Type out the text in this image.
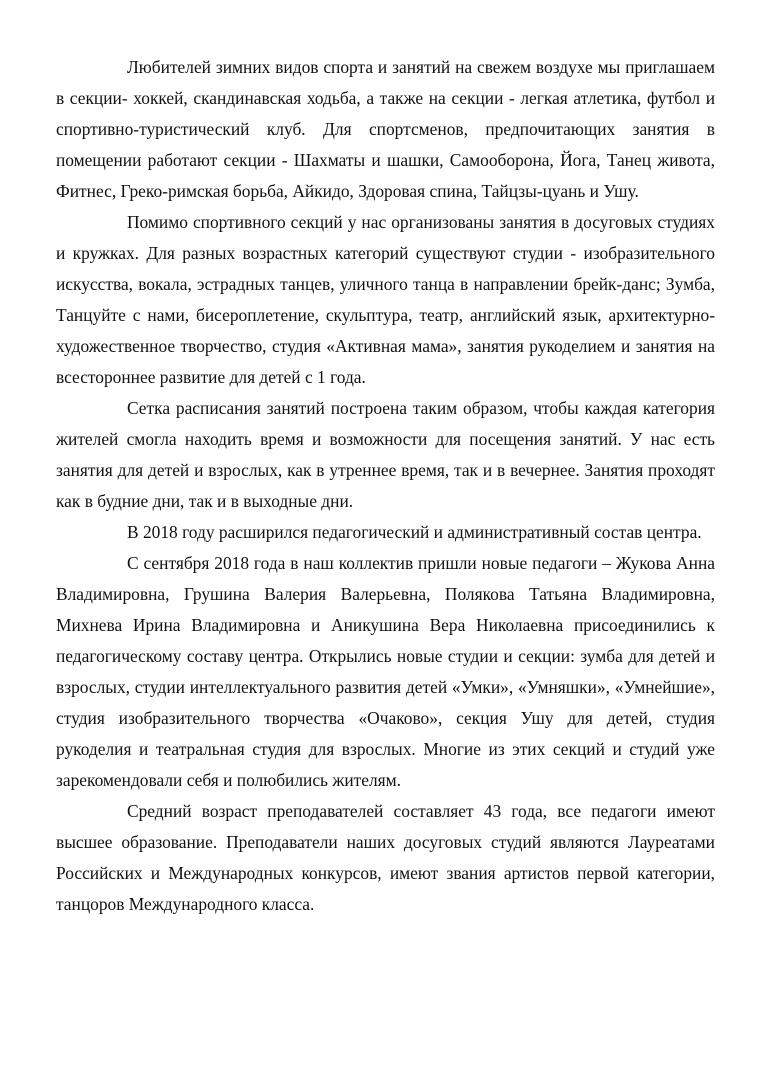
Любителей зимних видов спорта и занятий на свежем воздухе мы приглашаем в секции- хоккей, скандинавская ходьба, а также на секции - легкая атлетика, футбол и спортивно-туристический клуб. Для спортсменов, предпочитающих занятия в помещении работают секции - Шахматы и шашки, Самооборона, Йога, Танец живота, Фитнес, Греко-римская борьба, Айкидо, Здоровая спина, Тайцзы-цуань и Ушу.

Помимо спортивного секций у нас организованы занятия в досуговых студиях и кружках. Для разных возрастных категорий существуют студии - изобразительного искусства, вокала, эстрадных танцев, уличного танца в направлении брейк-данс; Зумба, Танцуйте с нами, бисероплетение, скульптура, театр, английский язык, архитектурно-художественное творчество, студия «Активная мама», занятия рукоделием и занятия на всестороннее развитие для детей с 1 года.

Сетка расписания занятий построена таким образом, чтобы каждая категория жителей смогла находить время и возможности для посещения занятий. У нас есть занятия для детей и взрослых, как в утреннее время, так и в вечернее. Занятия проходят как в будние дни, так и в выходные дни.

В 2018 году расширился педагогический и административный состав центра.

С сентября 2018 года в наш коллектив пришли новые педагоги – Жукова Анна Владимировна, Грушина Валерия Валерьевна, Полякова Татьяна Владимировна, Михнева Ирина Владимировна и Аникушина Вера Николаевна присоединились к педагогическому составу центра. Открылись новые студии и секции: зумба для детей и взрослых, студии интеллектуального развития детей «Умки», «Умняшки», «Умнейшие», студия изобразительного творчества «Очаково», секция Ушу для детей, студия рукоделия и театральная студия для взрослых. Многие из этих секций и студий уже зарекомендовали себя и полюбились жителям.

Средний возраст преподавателей составляет 43 года, все педагоги имеют высшее образование. Преподаватели наших досуговых студий являются Лауреатами Российских и Международных конкурсов, имеют звания артистов первой категории, танцоров Международного класса.
